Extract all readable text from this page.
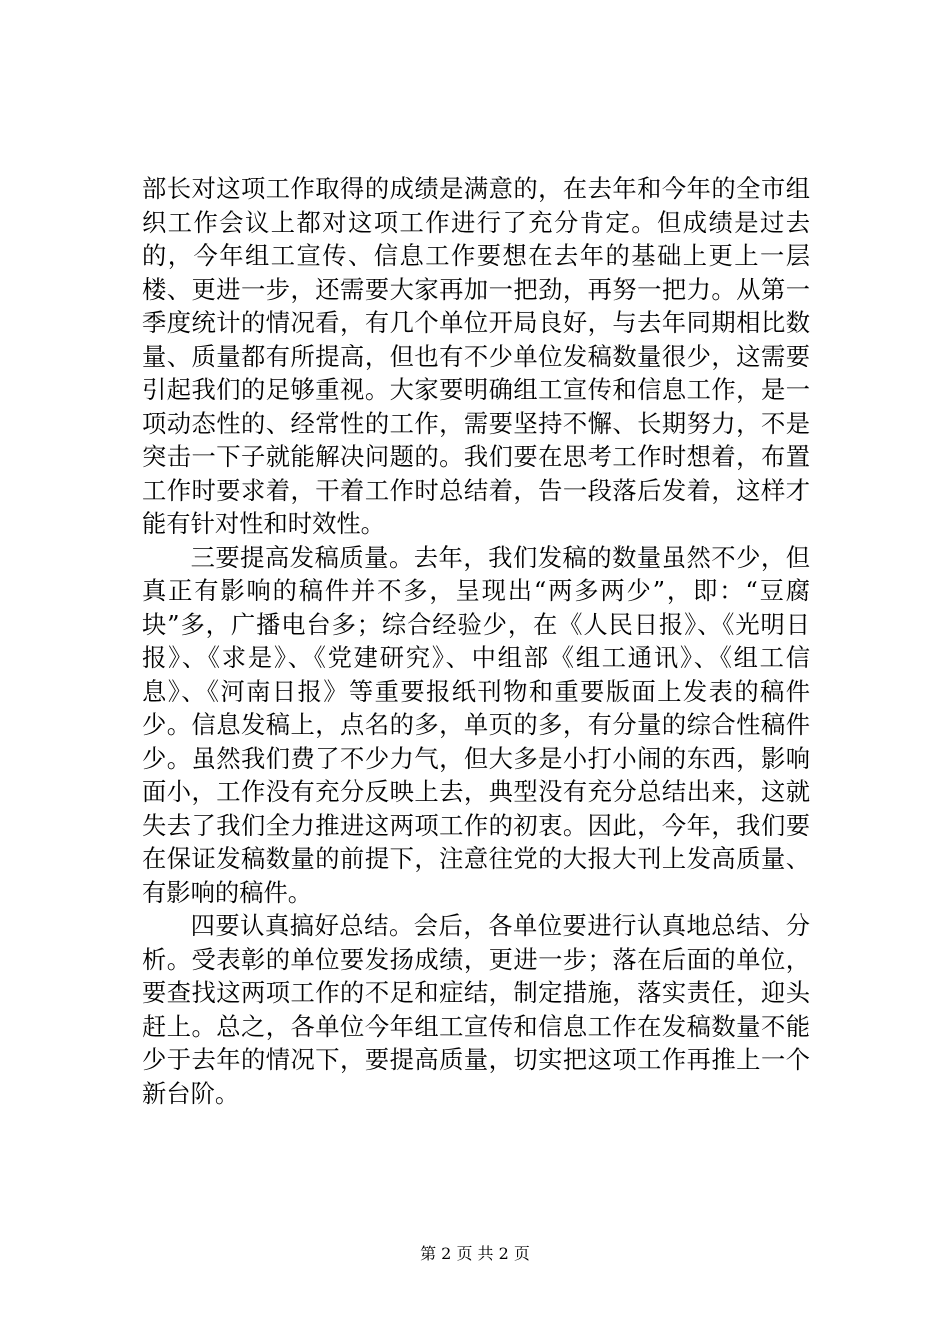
部长对这项工作取得的成绩是满意的，在去年和今年的全市组织工作会议上都对这项工作进行了充分肯定。但成绩是过去的，今年组工宣传、信息工作要想在去年的基础上更上一层楼、更进一步，还需要大家再加一把劲，再努一把力。从第一季度统计的情况看，有几个单位开局良好，与去年同期相比数量、质量都有所提高，但也有不少单位发稿数量很少，这需要引起我们的足够重视。大家要明确组工宣传和信息工作，是一项动态性的、经常性的工作，需要坚持不懈、长期努力，不是突击一下子就能解决问题的。我们要在思考工作时想着，布置工作时要求着，干着工作时总结着，告一段落后发着，这样才能有针对性和时效性。

三要提高发稿质量。去年，我们发稿的数量虽然不少，但真正有影响的稿件并不多，呈现出“两多两少”，即：“豆腐块”多，广播电台多；综合经验少，在《人民日报》、《光明日报》、《求是》、《党建研究》、中组部《组工通讯》、《组工信息》、《河南日报》等重要报纸刊物和重要版面上发表的稿件少。信息发稿上，点名的多，单页的多，有分量的综合性稿件少。虽然我们费了不少力气，但大多是小打小闹的东西，影响面小，工作没有充分反映上去，典型没有充分总结出来，这就失去了我们全力推进这两项工作的初衷。因此，今年，我们要在保证发稿数量的前提下，注意往党的大报大刊上发高质量、有影响的稿件。

四要认真搞好总结。会后，各单位要进行认真地总结、分析。受表彰的单位要发扬成绩，更进一步；落在后面的单位，要查找这两项工作的不足和症结，制定措施，落实责任，迎头赶上。总之，各单位今年组工宣传和信息工作在发稿数量不能少于去年的情况下，要提高质量，切实把这项工作再推上一个新台阶。

第 2 页 共 2 页
